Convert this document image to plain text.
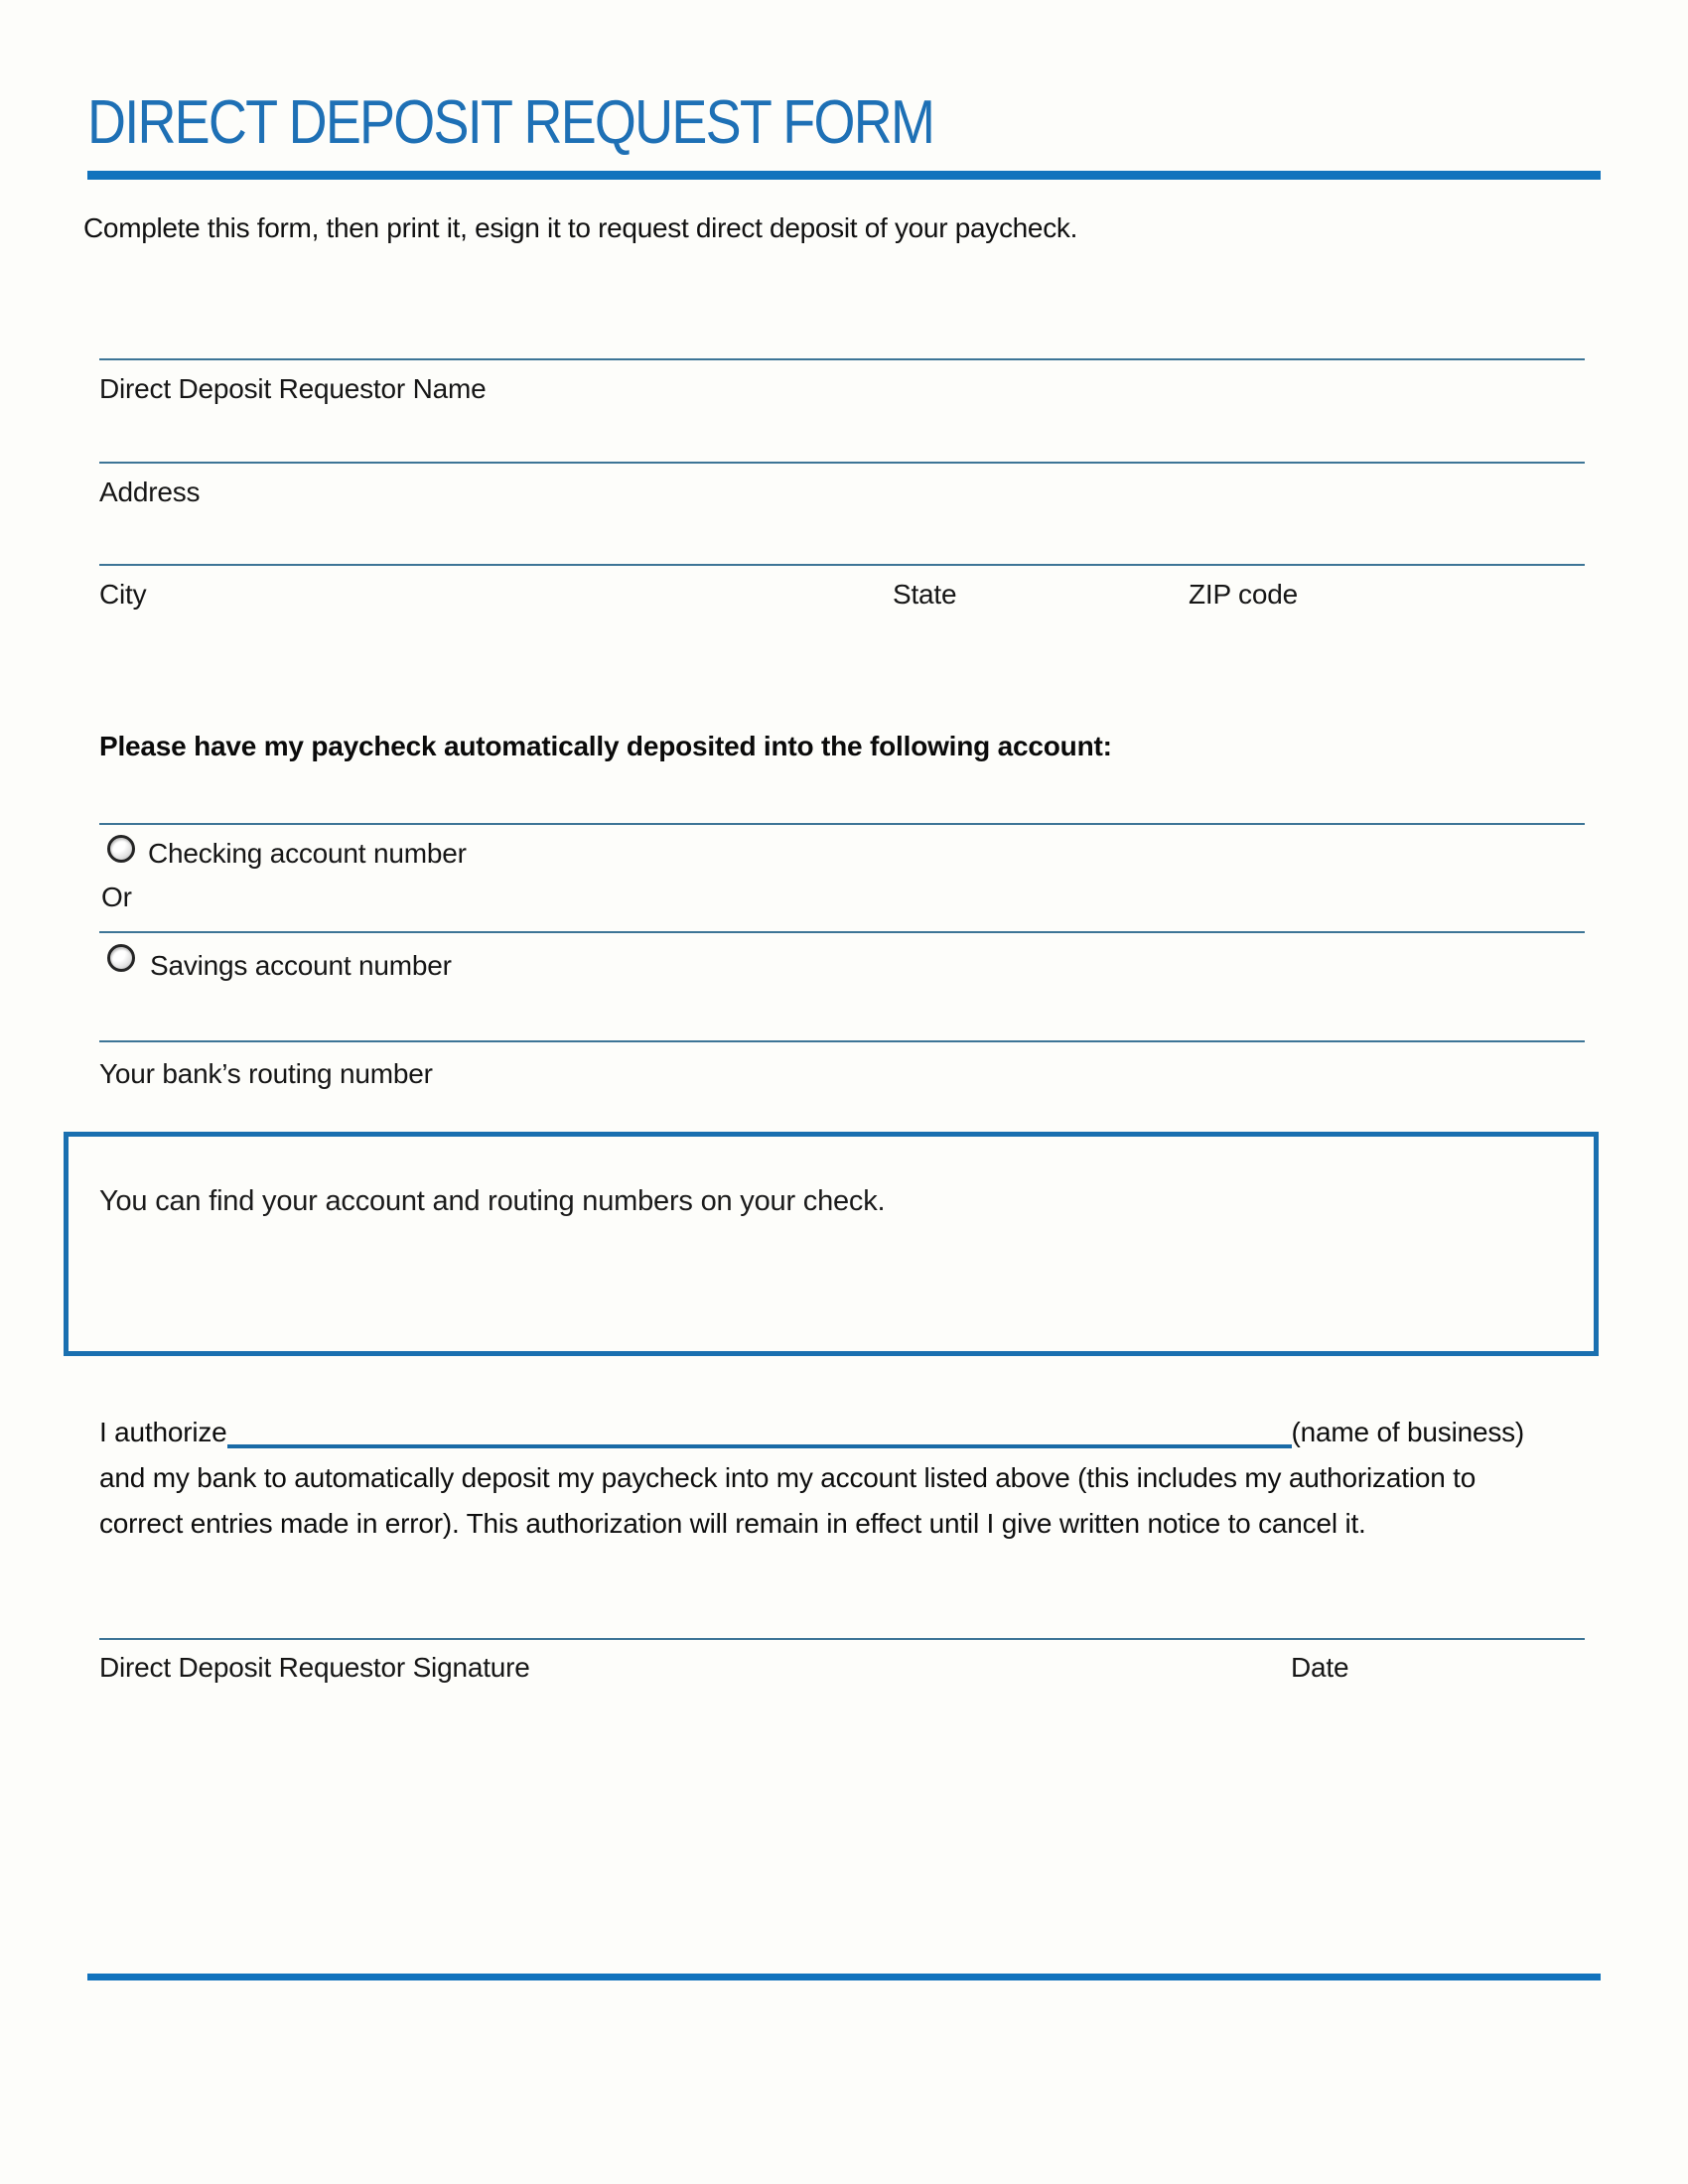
DIRECT DEPOSIT REQUEST FORM
Complete this form, then print it, esign it to request direct deposit of your paycheck.
Direct Deposit Requestor Name
Address
City	State	ZIP code
Please have my paycheck automatically deposited into the following account:
Checking account number
Or
Savings account number
Your bank’s routing number
You can find your account and routing numbers on your check.
I authorize	(name of business)
and my bank to automatically deposit my paycheck into my account listed above (this includes my authorization to
correct entries made in error). This authorization will remain in effect until I give written notice to cancel it.
Direct Deposit Requestor Signature	Date
